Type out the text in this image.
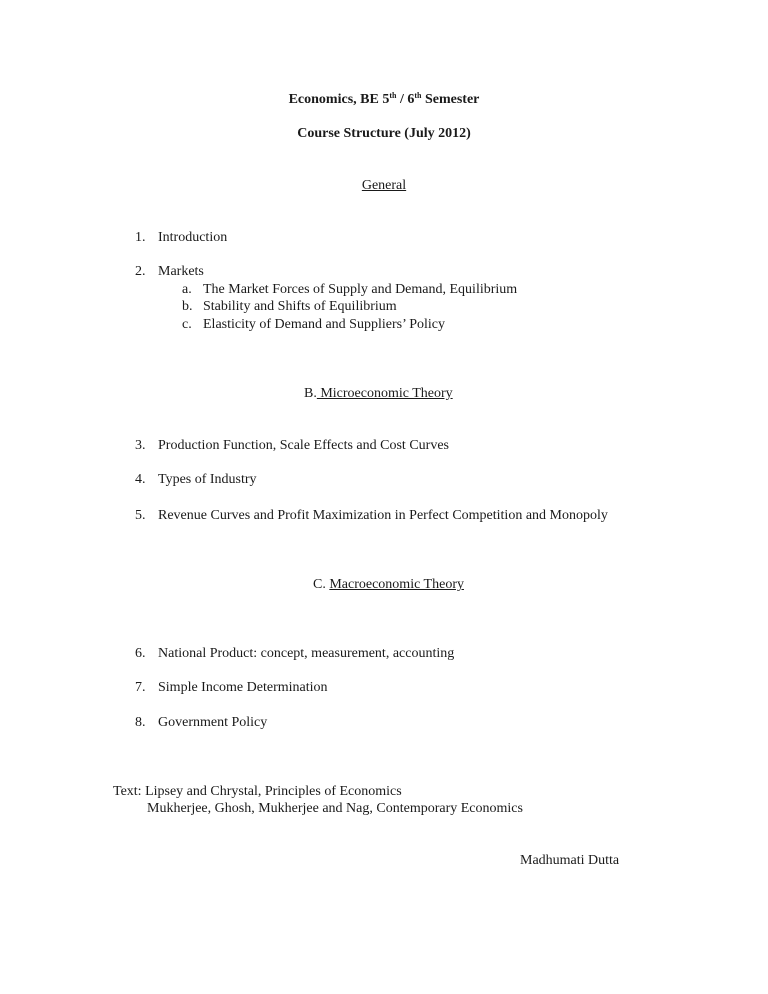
Economics, BE 5th / 6th Semester
Course Structure (July 2012)
General
1. Introduction
2. Markets
a. The Market Forces of Supply and Demand, Equilibrium
b. Stability and Shifts of Equilibrium
c. Elasticity of Demand and Suppliers’ Policy
B. Microeconomic Theory
3. Production Function, Scale Effects and Cost Curves
4. Types of Industry
5. Revenue Curves and Profit Maximization in Perfect Competition and Monopoly
C. Macroeconomic Theory
6. National Product: concept, measurement, accounting
7. Simple Income Determination
8. Government Policy
Text: Lipsey and Chrystal, Principles of Economics
Mukherjee, Ghosh, Mukherjee and Nag, Contemporary Economics
Madhumati Dutta
